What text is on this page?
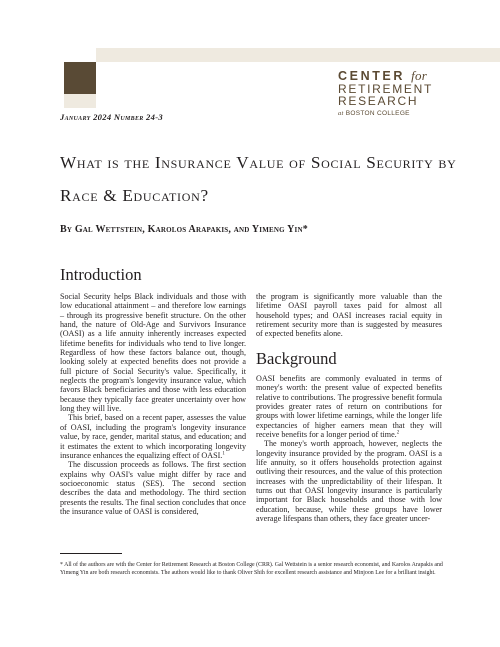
CENTER for
RETIREMENT
RESEARCH
at BOSTON COLLEGE
January 2024 Number 24-3
What is the Insurance Value of Social Security by Race & Education?
By Gal Wettstein, Karolos Arapakis, and Yimeng Yin*
Introduction

Social Security helps Black individuals and those with low educational attainment – and therefore low earnings – through its progressive benefit structure. On the other hand, the nature of Old-Age and Survivors Insurance (OASI) as a life annuity inherently increases expected lifetime benefits for individuals who tend to live longer. Regardless of how these factors balance out, though, looking solely at expected benefits does not provide a full picture of Social Security's value. Specifically, it neglects the program's longevity insurance value, which favors Black beneficiaries and those with less education because they typically face greater uncertainty over how long they will live.

This brief, based on a recent paper, assesses the value of OASI, including the program's longevity insurance value, by race, gender, marital status, and education; and it estimates the extent to which incorporating longevity insurance enhances the equalizing effect of OASI.$^1$

The discussion proceeds as follows. The first section explains why OASI's value might differ by race and socioeconomic status (SES). The second section describes the data and methodology. The third section presents the results. The final section concludes that once the insurance value of OASI is considered,

the program is significantly more valuable than the lifetime OASI payroll taxes paid for almost all household types; and OASI increases racial equity in retirement security more than is suggested by measures of expected benefits alone.

Background

OASI benefits are commonly evaluated in terms of money's worth: the present value of expected benefits relative to contributions. The progressive benefit formula provides greater rates of return on contributions for groups with lower lifetime earnings, while the longer life expectancies of higher earners mean that they will receive benefits for a longer period of time.$^2$

The money's worth approach, however, neglects the longevity insurance provided by the program. OASI is a life annuity, so it offers households protection against outliving their resources, and the value of this protection increases with the unpredictability of their lifespan. It turns out that OASI longevity insurance is particularly important for Black households and those with low education, because, while these groups have lower average lifespans than others, they face greater uncer-

* All of the authors are with the Center for Retirement Research at Boston College (CRR). Gal Wettstein is a senior research economist, and Karolos Arapakis and Yimeng Yin are both research economists. The authors would like to thank Oliver Shih for excellent research assistance and Minjoon Lee for a brilliant insight.
